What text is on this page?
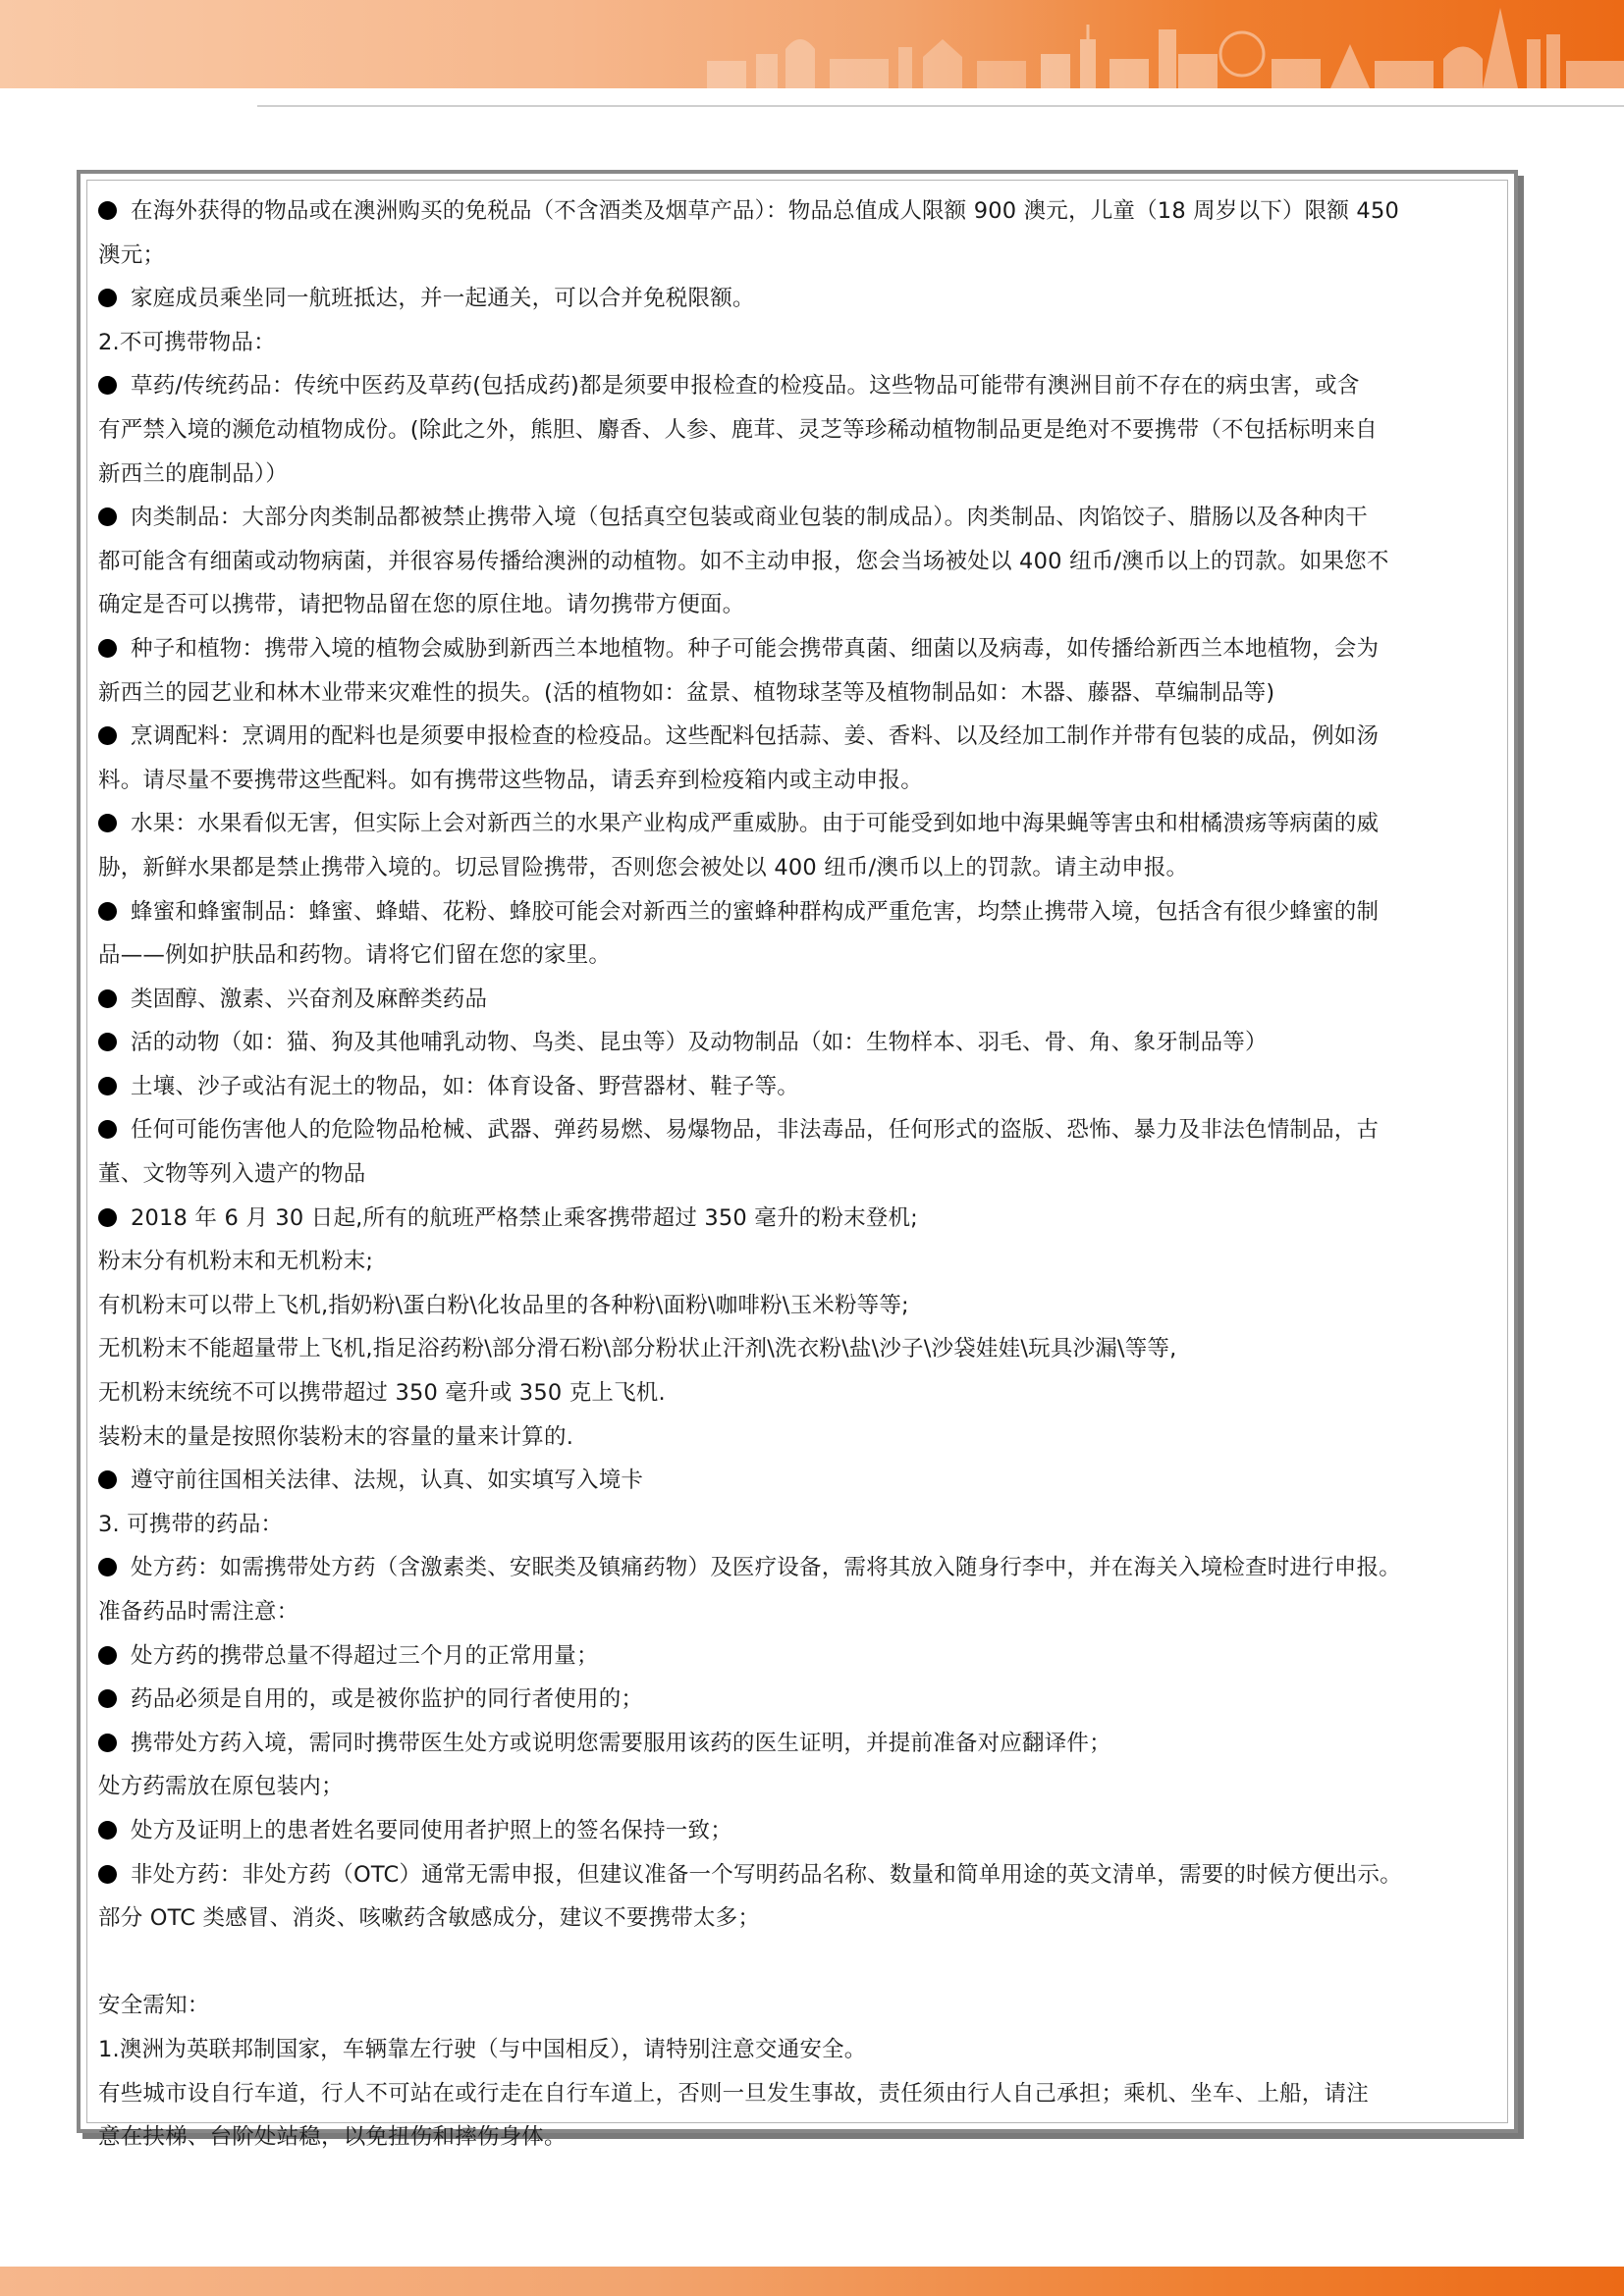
在海外获得的物品或在澳洲购买的免税品（不含酒类及烟草产品）：物品总值成人限额 900 澳元，儿童（18 周岁以下）限额 450
澳元；
家庭成员乘坐同一航班抵达，并一起通关，可以合并免税限额。
2.不可携带物品：
草药/传统药品：传统中医药及草药(包括成药)都是须要申报检查的检疫品。这些物品可能带有澳洲目前不存在的病虫害，或含
有严禁入境的濒危动植物成份。(除此之外，熊胆、麝香、人参、鹿茸、灵芝等珍稀动植物制品更是绝对不要携带（不包括标明来自
新西兰的鹿制品））
肉类制品：大部分肉类制品都被禁止携带入境（包括真空包装或商业包装的制成品）。肉类制品、肉馅饺子、腊肠以及各种肉干
都可能含有细菌或动物病菌，并很容易传播给澳洲的动植物。如不主动申报，您会当场被处以 400 纽币/澳币以上的罚款。如果您不
确定是否可以携带，请把物品留在您的原住地。请勿携带方便面。
种子和植物：携带入境的植物会威胁到新西兰本地植物。种子可能会携带真菌、细菌以及病毒，如传播给新西兰本地植物，会为
新西兰的园艺业和林木业带来灾难性的损失。(活的植物如：盆景、植物球茎等及植物制品如：木器、藤器、草编制品等)
烹调配料：烹调用的配料也是须要申报检查的检疫品。这些配料包括蒜、姜、香料、以及经加工制作并带有包装的成品，例如汤
料。请尽量不要携带这些配料。如有携带这些物品，请丢弃到检疫箱内或主动申报。
水果：水果看似无害，但实际上会对新西兰的水果产业构成严重威胁。由于可能受到如地中海果蝇等害虫和柑橘溃疡等病菌的威
胁，新鲜水果都是禁止携带入境的。切忌冒险携带，否则您会被处以 400 纽币/澳币以上的罚款。请主动申报。
蜂蜜和蜂蜜制品：蜂蜜、蜂蜡、花粉、蜂胶可能会对新西兰的蜜蜂种群构成严重危害，均禁止携带入境，包括含有很少蜂蜜的制
品——例如护肤品和药物。请将它们留在您的家里。
类固醇、激素、兴奋剂及麻醉类药品
活的动物（如：猫、狗及其他哺乳动物、鸟类、昆虫等）及动物制品（如：生物样本、羽毛、骨、角、象牙制品等）
土壤、沙子或沾有泥土的物品，如：体育设备、野营器材、鞋子等。
任何可能伤害他人的危险物品枪械、武器、弹药易燃、易爆物品，非法毒品，任何形式的盗版、恐怖、暴力及非法色情制品，古
董、文物等列入遗产的物品
2018 年 6 月 30 日起,所有的航班严格禁止乘客携带超过 350 毫升的粉末登机;
粉末分有机粉末和无机粉末;
有机粉末可以带上飞机,指奶粉\蛋白粉\化妆品里的各种粉\面粉\咖啡粉\玉米粉等等;
无机粉末不能超量带上飞机,指足浴药粉\部分滑石粉\部分粉状止汗剂\洗衣粉\盐\沙子\沙袋娃娃\玩具沙漏\等等,
无机粉末统统不可以携带超过 350 毫升或 350 克上飞机.
装粉末的量是按照你装粉末的容量的量来计算的.
遵守前往国相关法律、法规，认真、如实填写入境卡
3. 可携带的药品：
处方药：如需携带处方药（含激素类、安眠类及镇痛药物）及医疗设备，需将其放入随身行李中，并在海关入境检查时进行申报。
准备药品时需注意：
处方药的携带总量不得超过三个月的正常用量；
药品必须是自用的，或是被你监护的同行者使用的；
携带处方药入境，需同时携带医生处方或说明您需要服用该药的医生证明，并提前准备对应翻译件；
处方药需放在原包装内；
处方及证明上的患者姓名要同使用者护照上的签名保持一致；
非处方药：非处方药（OTC）通常无需申报，但建议准备一个写明药品名称、数量和简单用途的英文清单，需要的时候方便出示。
部分 OTC 类感冒、消炎、咳嗽药含敏感成分，建议不要携带太多；
安全需知：
1.澳洲为英联邦制国家，车辆靠左行驶（与中国相反），请特别注意交通安全。
有些城市设自行车道，行人不可站在或行走在自行车道上，否则一旦发生事故，责任须由行人自己承担；乘机、坐车、上船，请注
意在扶梯、台阶处站稳，以免扭伤和摔伤身体。
